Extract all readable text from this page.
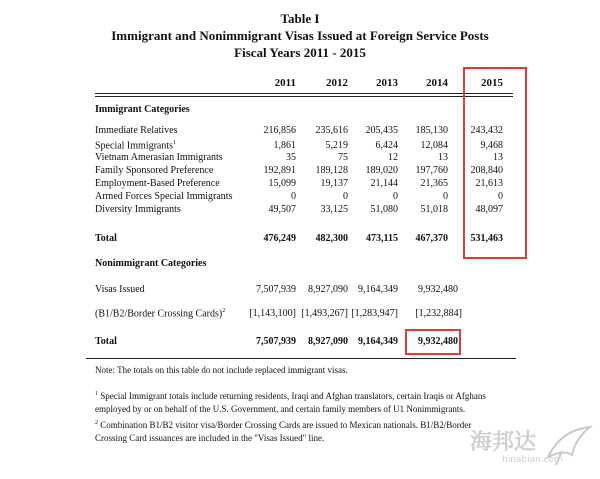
Table I
Immigrant and Nonimmigrant Visas Issued at Foreign Service Posts
Fiscal Years 2011 - 2015
2011	2012	2013	2014	2015
Immigrant Categories
Immediate Relatives	216,856	235,616	205,435	185,130	243,432
Special Immigrants$^1$	1,861	5,219	6,424	12,084	9,468
Vietnam Amerasian Immigrants	35	75	12	13	13
Family Sponsored Preference	192,891	189,128	189,020	197,760	208,840
Employment-Based Preference	15,099	19,137	21,144	21,365	21,613
Armed Forces Special Immigrants	0	0	0	0	0
Diversity Immigrants	49,507	33,125	51,080	51,018	48,097
Total	476,249	482,300	473,115	467,370	531,463
Nonimmigrant Categories
Visas Issued	7,507,939	8,927,090	9,164,349	9,932,480
(B1/B2/Border Crossing Cards)$^2$	[1,143,100] [1,493,267] [1,283,947]	[1,232,884]
Total	7,507,939	8,927,090	9,164,349	9,932,480
Note: The totals on this table do not include replaced immigrant visas.
$^1$ Special Immigrant totals include returning residents, Iraqi and Afghan translators, certain Iraqis or Afghans
employed by or on behalf of the U.S. Government, and certain family members of U1 Nonimmigrants.
$^2$ Combination B1/B2 visitor visa/Border Crossing Cards are issued to Mexican nationals. B1/B2/Border
Crossing Card issuances are included in the "Visas Issued" line.	海邦达
hinabian.com
